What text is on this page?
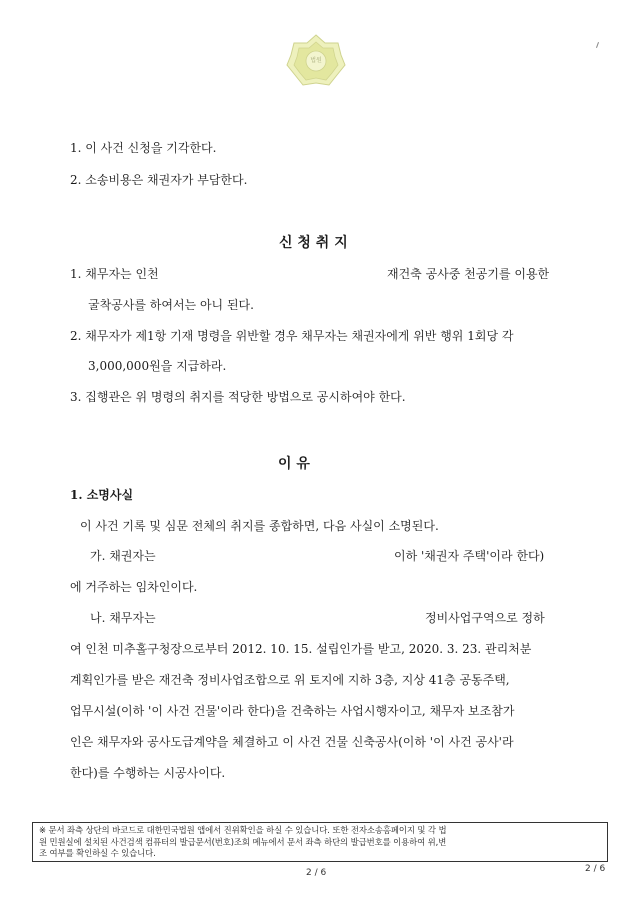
법원
1. 이 사건 신청을 기각한다.
2. 소송비용은 채권자가 부담한다.
신 청 취 지
1. 채무자는 인천	재건축 공사중 천공기를 이용한
굴착공사를 하여서는 아니 된다.
2. 채무자가 제1항 기재 명령을 위반할 경우 채무자는 채권자에게 위반 행위 1회당 각
3,000,000원을 지급하라.
3. 집행관은 위 명령의 취지를 적당한 방법으로 공시하여야 한다.
이 유
1. 소명사실
이 사건 기록 및 심문 전체의 취지를 종합하면, 다음 사실이 소명된다.
가. 채권자는	이하 '채권자 주택'이라 한다)
에 거주하는 임차인이다.
나. 채무자는	정비사업구역으로 정하
여 인천 미추홀구청장으로부터 2012. 10. 15. 설립인가를 받고, 2020. 3. 23. 관리처분
계획인가를 받은 재건축 정비사업조합으로 위 토지에 지하 3층, 지상 41층 공동주택,
업무시설(이하 '이 사건 건물'이라 한다)을 건축하는 사업시행자이고, 채무자 보조참가
인은 채무자와 공사도급계약을 체결하고 이 사건 건물 신축공사(이하 '이 사건 공사'라
한다)를 수행하는 시공사이다.
※ 문서 좌측 상단의 바코드로 대한민국법원 앱에서 진위확인을 하실 수 있습니다. 또한 전자소송홈페이지 및 각 법
원 민원실에 설치된 사건검색 컴퓨터의 발급문서(번호)조회 메뉴에서 문서 좌측 하단의 발급번호를 이용하여 위,변
조 여부를 확인하실 수 있습니다.
2 / 6	2 / 6
